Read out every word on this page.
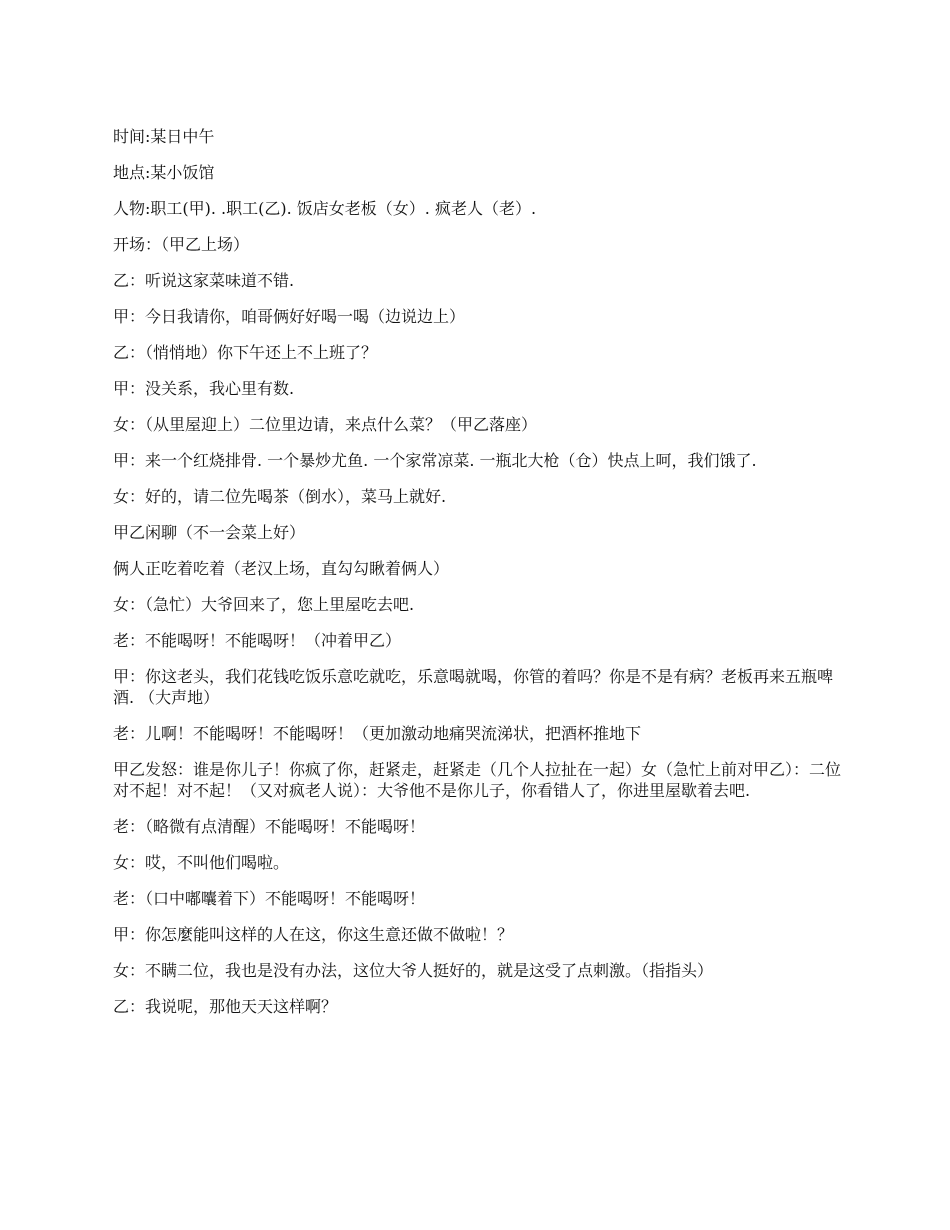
时间:某日中午

地点:某小饭馆

人物:职工(甲). .职工(乙). 饭店女老板（女）. 疯老人（老）.

开场：（甲乙上场）

乙：听说这家菜味道不错.

甲：今日我请你，咱哥俩好好喝一喝（边说边上）

乙：（悄悄地）你下午还上不上班了？

甲：没关系，我心里有数.

女：（从里屋迎上）二位里边请，来点什么菜？（甲乙落座）

甲：来一个红烧排骨. 一个暴炒尤鱼. 一个家常凉菜. 一瓶北大枪（仓）快点上呵，我们饿了.

女：好的，请二位先喝茶（倒水），菜马上就好.

甲乙闲聊（不一会菜上好）

俩人正吃着吃着（老汉上场，直勾勾瞅着俩人）

女：（急忙）大爷回来了，您上里屋吃去吧.

老：不能喝呀！不能喝呀！（冲着甲乙）

甲：你这老头，我们花钱吃饭乐意吃就吃，乐意喝就喝，你管的着吗？你是不是有病？老板再来五瓶啤酒. （大声地）

老：儿啊！不能喝呀！不能喝呀！（更加激动地痛哭流涕状，把酒杯推地下

甲乙发怒：谁是你儿子！你疯了你，赶紧走，赶紧走（几个人拉扯在一起）女（急忙上前对甲乙）：二位对不起！对不起！（又对疯老人说）：大爷他不是你儿子，你看错人了，你进里屋歇着去吧.

老：（略微有点清醒）不能喝呀！不能喝呀！

女：哎，不叫他们喝啦。

老：（口中嘟囔着下）不能喝呀！不能喝呀！

甲：你怎麼能叫这样的人在这，你这生意还做不做啦！？

女：不瞒二位，我也是没有办法，这位大爷人挺好的，就是这受了点刺激。（指指头）

乙：我说呢，那他天天这样啊？
